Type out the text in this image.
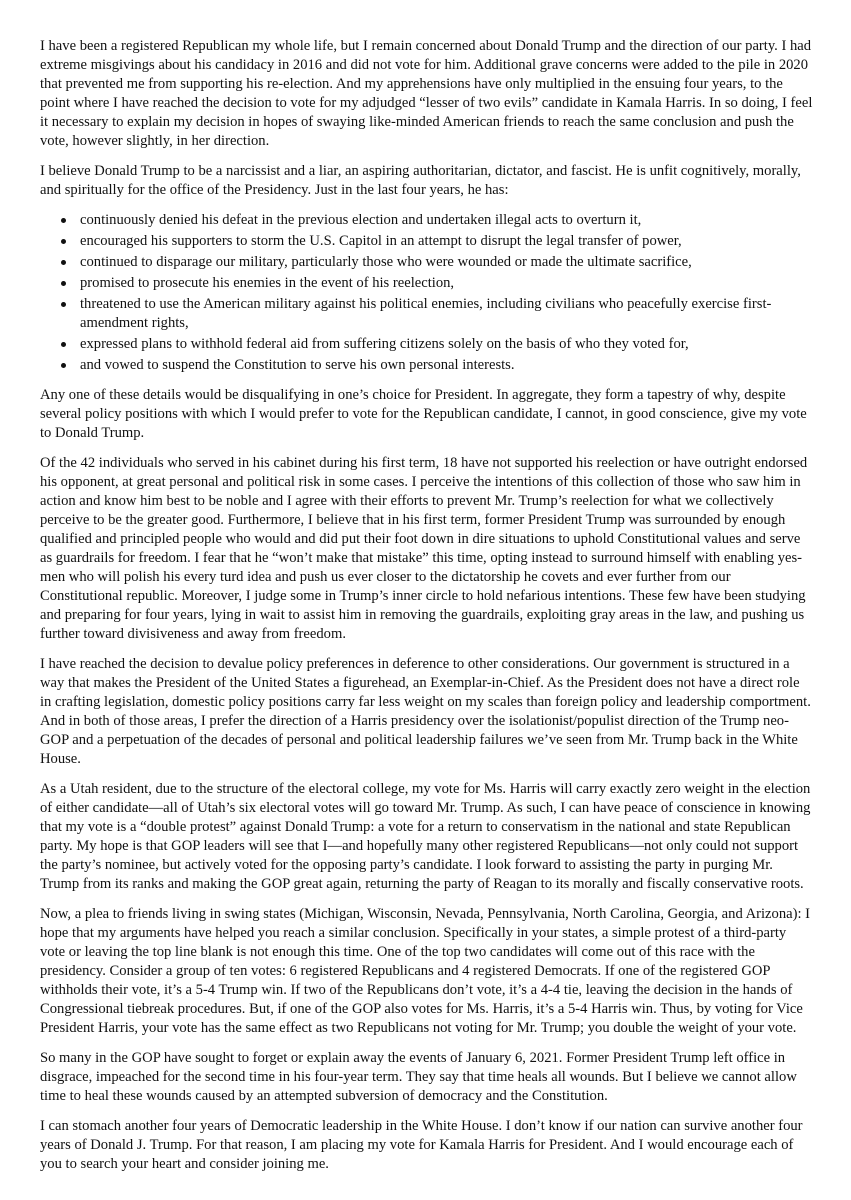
I have been a registered Republican my whole life, but I remain concerned about Donald Trump and the direction of our party. I had extreme misgivings about his candidacy in 2016 and did not vote for him. Additional grave concerns were added to the pile in 2020 that prevented me from supporting his re-election. And my apprehensions have only multiplied in the ensuing four years, to the point where I have reached the decision to vote for my adjudged “lesser of two evils” candidate in Kamala Harris. In so doing, I feel it necessary to explain my decision in hopes of swaying like-minded American friends to reach the same conclusion and push the vote, however slightly, in her direction.

I believe Donald Trump to be a narcissist and a liar, an aspiring authoritarian, dictator, and fascist. He is unfit cognitively, morally, and spiritually for the office of the Presidency. Just in the last four years, he has:

continuously denied his defeat in the previous election and undertaken illegal acts to overturn it,
encouraged his supporters to storm the U.S. Capitol in an attempt to disrupt the legal transfer of power,
continued to disparage our military, particularly those who were wounded or made the ultimate sacrifice,
promised to prosecute his enemies in the event of his reelection,
threatened to use the American military against his political enemies, including civilians who peacefully exercise first-amendment rights,
expressed plans to withhold federal aid from suffering citizens solely on the basis of who they voted for,
and vowed to suspend the Constitution to serve his own personal interests.

Any one of these details would be disqualifying in one’s choice for President. In aggregate, they form a tapestry of why, despite several policy positions with which I would prefer to vote for the Republican candidate, I cannot, in good conscience, give my vote to Donald Trump.

Of the 42 individuals who served in his cabinet during his first term, 18 have not supported his reelection or have outright endorsed his opponent, at great personal and political risk in some cases. I perceive the intentions of this collection of those who saw him in action and know him best to be noble and I agree with their efforts to prevent Mr. Trump’s reelection for what we collectively perceive to be the greater good. Furthermore, I believe that in his first term, former President Trump was surrounded by enough qualified and principled people who would and did put their foot down in dire situations to uphold Constitutional values and serve as guardrails for freedom. I fear that he “won’t make that mistake” this time, opting instead to surround himself with enabling yes-men who will polish his every turd idea and push us ever closer to the dictatorship he covets and ever further from our Constitutional republic. Moreover, I judge some in Trump’s inner circle to hold nefarious intentions. These few have been studying and preparing for four years, lying in wait to assist him in removing the guardrails, exploiting gray areas in the law, and pushing us further toward divisiveness and away from freedom.

I have reached the decision to devalue policy preferences in deference to other considerations. Our government is structured in a way that makes the President of the United States a figurehead, an Exemplar-in-Chief. As the President does not have a direct role in crafting legislation, domestic policy positions carry far less weight on my scales than foreign policy and leadership comportment. And in both of those areas, I prefer the direction of a Harris presidency over the isolationist/populist direction of the Trump neo-GOP and a perpetuation of the decades of personal and political leadership failures we’ve seen from Mr. Trump back in the White House.

As a Utah resident, due to the structure of the electoral college, my vote for Ms. Harris will carry exactly zero weight in the election of either candidate—all of Utah’s six electoral votes will go toward Mr. Trump. As such, I can have peace of conscience in knowing that my vote is a “double protest” against Donald Trump: a vote for a return to conservatism in the national and state Republican party. My hope is that GOP leaders will see that I—and hopefully many other registered Republicans—not only could not support the party’s nominee, but actively voted for the opposing party’s candidate. I look forward to assisting the party in purging Mr. Trump from its ranks and making the GOP great again, returning the party of Reagan to its morally and fiscally conservative roots.

Now, a plea to friends living in swing states (Michigan, Wisconsin, Nevada, Pennsylvania, North Carolina, Georgia, and Arizona): I hope that my arguments have helped you reach a similar conclusion. Specifically in your states, a simple protest of a third-party vote or leaving the top line blank is not enough this time. One of the top two candidates will come out of this race with the presidency. Consider a group of ten votes: 6 registered Republicans and 4 registered Democrats. If one of the registered GOP withholds their vote, it’s a 5-4 Trump win. If two of the Republicans don’t vote, it’s a 4-4 tie, leaving the decision in the hands of Congressional tiebreak procedures. But, if one of the GOP also votes for Ms. Harris, it’s a 5-4 Harris win. Thus, by voting for Vice President Harris, your vote has the same effect as two Republicans not voting for Mr. Trump; you double the weight of your vote.

So many in the GOP have sought to forget or explain away the events of January 6, 2021. Former President Trump left office in disgrace, impeached for the second time in his four-year term. They say that time heals all wounds. But I believe we cannot allow time to heal these wounds caused by an attempted subversion of democracy and the Constitution.

I can stomach another four years of Democratic leadership in the White House. I don’t know if our nation can survive another four years of Donald J. Trump. For that reason, I am placing my vote for Kamala Harris for President. And I would encourage each of you to search your heart and consider joining me.
